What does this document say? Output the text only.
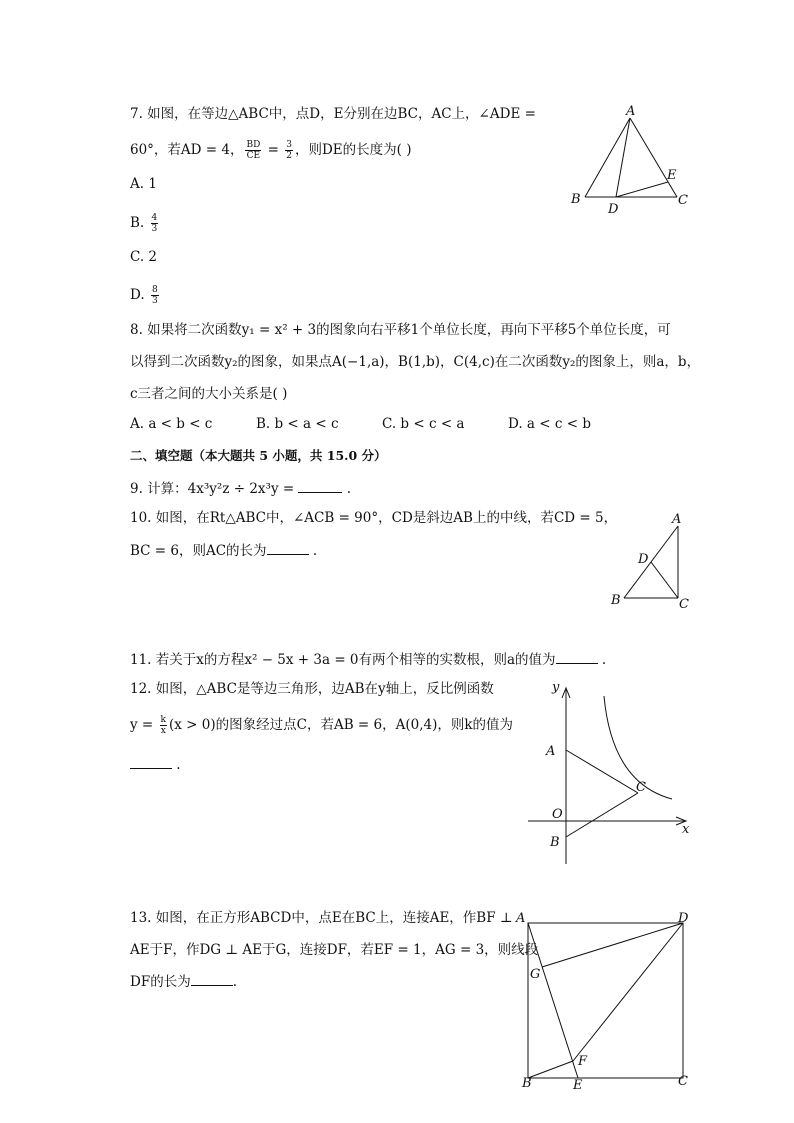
7. 如图，在等边△ABC中，点D，E分别在边BC，AC上，∠ADE =
60°，若AD = 4， $\frac{BD}{CE} = \frac{3}{2}$ ，则DE的长度为( )
A. 1
B. $\frac{4}{3}$
C. 2
D. $\frac{8}{3}$
A
B	C
D
E
8. 如果将二次函数y₁ = x² + 3的图象向右平移1个单位长度，再向下平移5个单位长度，可
以得到二次函数y₂的图象，如果点A(−1,a)，B(1,b)，C(4,c)在二次函数y₂的图象上，则a，b，
c三者之间的大小关系是( )
A. a < b < c	B. b < a < c	C. b < c < a	D. a < c < b
二、填空题（本大题共 5 小题，共 15.0 分）
9. 计算：4x³y²z ÷ 2x³y =	.
10. 如图，在Rt△ABC中，∠ACB = 90°，CD是斜边AB上的中线，若CD = 5，
BC = 6，则AC的长为	.
A
B	C
D
11. 若关于x的方程x² − 5x + 3a = 0有两个相等的实数根，则a的值为	.
12. 如图，△ABC是等边三角形，边AB在y轴上，反比例函数
$y = \frac{k}{x} (x > 0)$的图象经过点C，若AB = 6，A(0,4)，则k的值为
.
y
x
A
B
C
O
13. 如图，在正方形ABCD中，点E在BC上，连接AE，作BF ⊥
AE于F，作DG ⊥ AE于G，连接DF，若EF = 1，AG = 3，则线段
DF的长为	.
A	D
B	C
E
F
G
